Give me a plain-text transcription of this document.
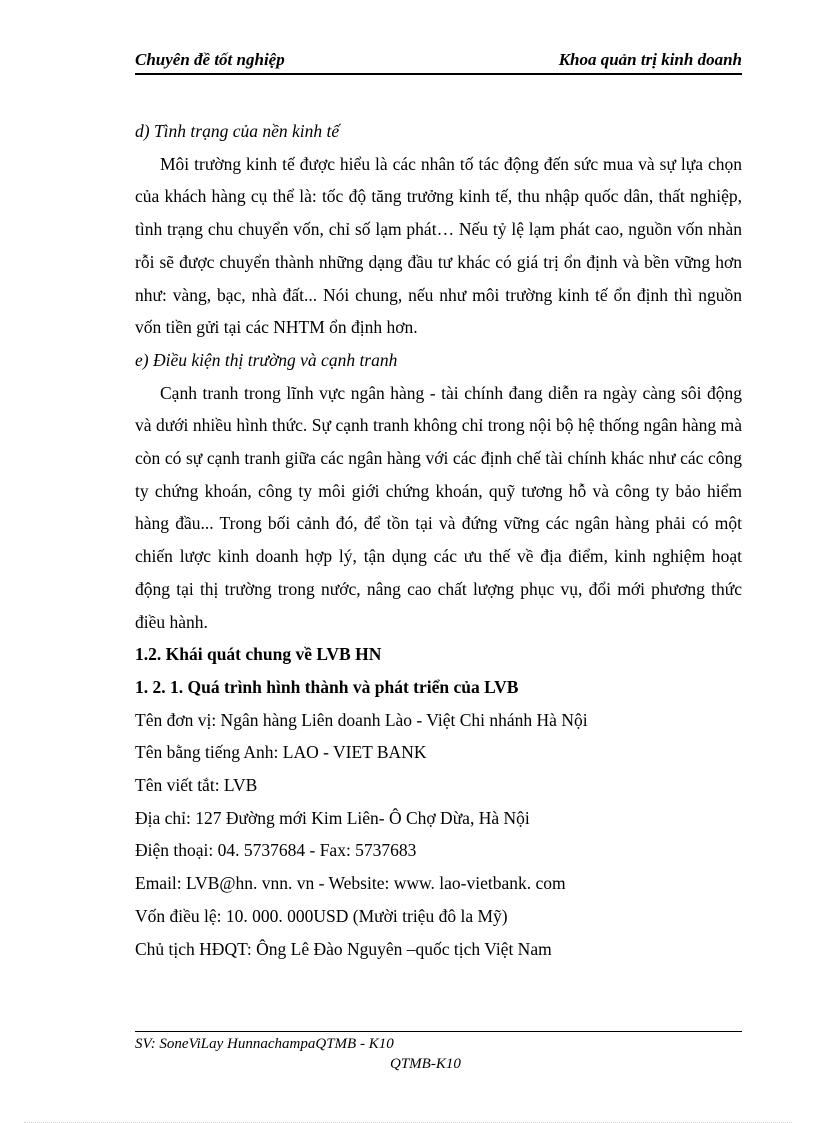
Chuyên đề tốt nghiệp	Khoa quản trị kinh doanh

d) Tình trạng của nền kinh tế

Môi trường kinh tế được hiểu là các nhân tố tác động đến sức mua và sự lựa chọn của khách hàng cụ thể là: tốc độ tăng trưởng kinh tế, thu nhập quốc dân, thất nghiệp, tình trạng chu chuyển vốn, chỉ số lạm phát… Nếu tỷ lệ lạm phát cao, nguồn vốn nhàn rỗi sẽ được chuyển thành những dạng đầu tư khác có giá trị ổn định và bền vững hơn như: vàng, bạc, nhà đất... Nói chung, nếu như môi trường kinh tế ổn định thì nguồn vốn tiền gửi tại các NHTM ổn định hơn.

e) Điều kiện thị trường và cạnh tranh

Cạnh tranh trong lĩnh vực ngân hàng - tài chính đang diễn ra ngày càng sôi động và dưới nhiều hình thức. Sự cạnh tranh không chỉ trong nội bộ hệ thống ngân hàng mà còn có sự cạnh tranh giữa các ngân hàng với các định chế tài chính khác như các công ty chứng khoán, công ty môi giới chứng khoán, quỹ tương hỗ và công ty bảo hiểm hàng đầu... Trong bối cảnh đó, để tồn tại và đứng vững các ngân hàng phải có một chiến lược kinh doanh hợp lý, tận dụng các ưu thế về địa điểm, kinh nghiệm hoạt động tại thị trường trong nước, nâng cao chất lượng phục vụ, đổi mới phương thức điều hành.

1.2. Khái quát chung về LVB HN

1. 2. 1. Quá trình hình thành và phát triển của LVB

Tên đơn vị: Ngân hàng Liên doanh Lào - Việt Chi nhánh Hà Nội

Tên bằng tiếng Anh: LAO - VIET BANK

Tên viết tắt: LVB

Địa chỉ: 127 Đường mới Kim Liên- Ô Chợ Dừa, Hà Nội

Điện thoại: 04. 5737684 - Fax: 5737683

Email: LVB@hn. vnn. vn - Website: www. lao-vietbank. com

Vốn điều lệ: 10. 000. 000USD (Mười triệu đô la Mỹ)

Chủ tịch HĐQT: Ông Lê Đào Nguyên –quốc tịch Việt Nam

SV: SoneViLay HunnachampaQTMB - K10
QTMB-K10
